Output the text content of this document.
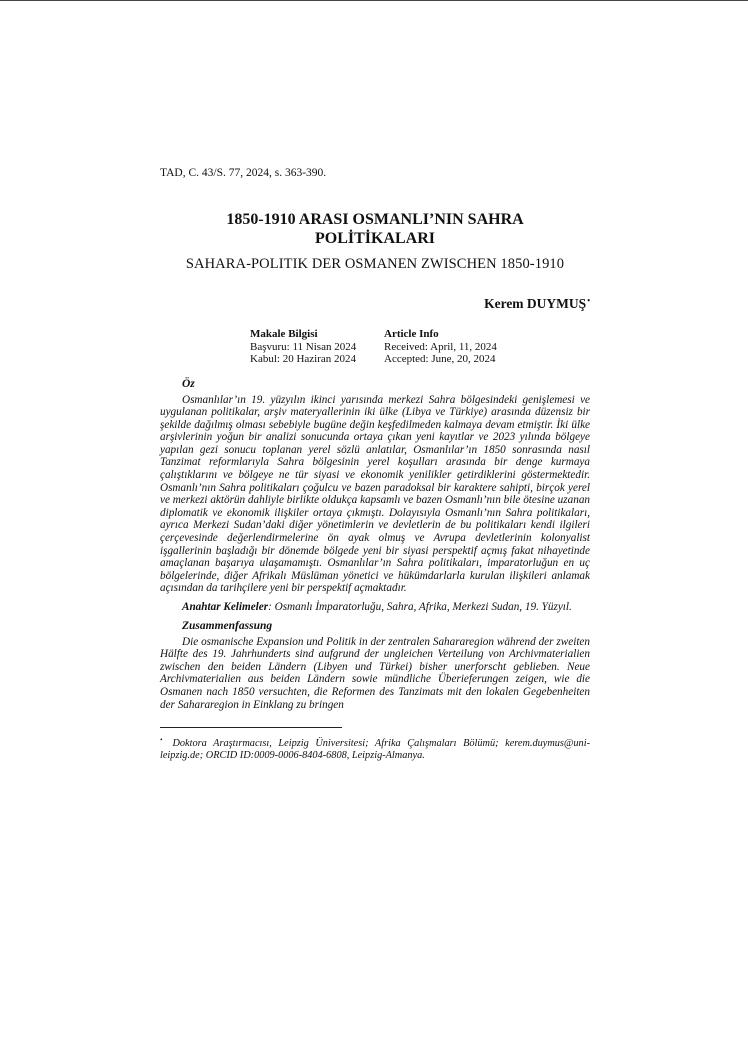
TAD, C. 43/S. 77, 2024, s. 363-390.
1850-1910 ARASI OSMANLI’NIN SAHRA
POLİTİKALARI
SAHARA-POLITIK DER OSMANEN ZWISCHEN 1850-1910
Kerem DUYMUŞ•
Makale Bilgisi
Başvuru: 11 Nisan 2024
Kabul: 20 Haziran 2024
Article Info
Received: April, 11, 2024
Accepted: June, 20, 2024
Öz

Osmanlılar’ın 19. yüzyılın ikinci yarısında merkezi Sahra bölgesindeki genişlemesi ve uygulanan politikalar, arşiv materyallerinin iki ülke (Libya ve Türkiye) arasında düzensiz bir şekilde dağılmış olması sebebiyle bugüne değin keşfedilmeden kalmaya devam etmiştir. İki ülke arşivlerinin yoğun bir analizi sonucunda ortaya çıkan yeni kayıtlar ve 2023 yılında bölgeye yapılan gezi sonucu toplanan yerel sözlü anlatılar, Osmanlılar’ın 1850 sonrasında nasıl Tanzimat reformlarıyla Sahra bölgesinin yerel koşulları arasında bir denge kurmaya çalıştıklarını ve bölgeye ne tür siyasi ve ekonomik yenilikler getirdiklerini göstermektedir. Osmanlı’nın Sahra politikaları çoğulcu ve bazen paradoksal bir karaktere sahipti, birçok yerel ve merkezi aktörün dahliyle birlikte oldukça kapsamlı ve bazen Osmanlı’nın bile ötesine uzanan diplomatik ve ekonomik ilişkiler ortaya çıkmıştı. Dolayısıyla Osmanlı’nın Sahra politikaları, ayrıca Merkezi Sudan’daki diğer yönetimlerin ve devletlerin de bu politikaları kendi ilgileri çerçevesinde değerlendirmelerine ön ayak olmuş ve Avrupa devletlerinin kolonyalist işgallerinin başladığı bir dönemde bölgede yeni bir siyasi perspektif açmış fakat nihayetinde amaçlanan başarıya ulaşamamıştı. Osmanlılar’ın Sahra politikaları, imparatorluğun en uç bölgelerinde, diğer Afrikalı Müslüman yönetici ve hükümdarlarla kurulan ilişkileri anlamak açısından da tarihçilere yeni bir perspektif açmaktadır.

Anahtar Kelimeler: Osmanlı İmparatorluğu, Sahra, Afrika, Merkezi Sudan, 19. Yüzyıl.

Zusammenfassung

Die osmanische Expansion und Politik in der zentralen Sahararegion während der zweiten Hälfte des 19. Jahrhunderts sind aufgrund der ungleichen Verteilung von Archivmaterialien zwischen den beiden Ländern (Libyen und Türkei) bisher unerforscht geblieben. Neue Archivmaterialien aus beiden Ländern sowie mündliche Überieferungen zeigen, wie die Osmanen nach 1850 versuchten, die Reformen des Tanzimats mit den lokalen Gegebenheiten der Sahararegion in Einklang zu bringen

• Doktora Araştırmacısı, Leipzig Üniversitesi; Afrika Çalışmaları Bölümü; kerem.duymus@uni-leipzig.de; ORCID ID:0009-0006-8404-6808, Leipzig-Almanya.
